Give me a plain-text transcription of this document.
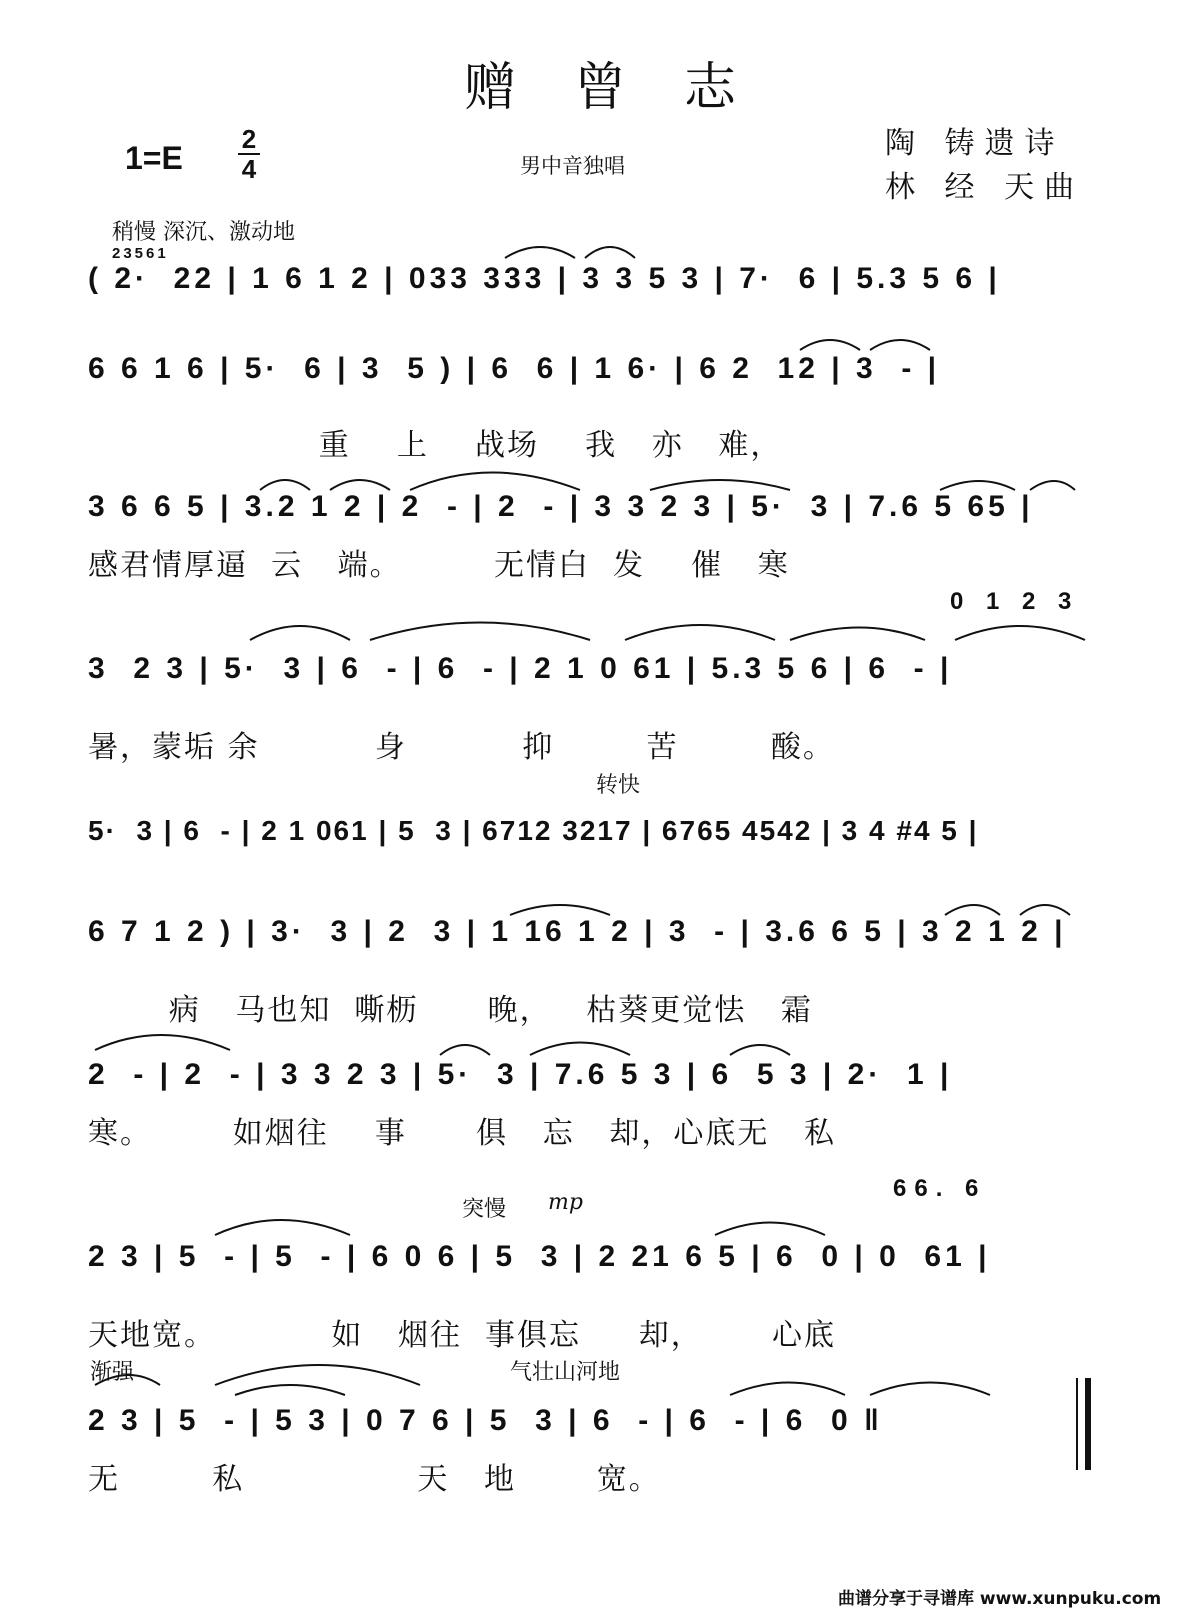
赠曾志
1=E
2
4	男中音独唱
陶 铸遗诗
林 经 天曲
稍慢 深沉、激动地
23561
( 2·  22 | 1 6 1 2 | 033 333 | 3 3 5 3 | 7·  6 | 5.3 5 6 |
6 6 1 6 | 5·  6 | 3  5 ) | 6  6 | 1 6· | 6 2  12 | 3  - |
重    上    战场    我   亦   难，
3 6 6 5 | 3.2 1 2 | 2  - | 2  - | 3 3 2 3 | 5·  3 | 7.6 5 65 |
感君情厚逼  云   端。        无情白  发    催   寒
0 1 2 3
3  2 3 | 5·  3 | 6  - | 6  - | 2 1 0 61 | 5.3 5 6 | 6  - |
暑，蒙垢 余          身          抑        苦        酸。
转快
5·  3 | 6  - | 2 1 061 | 5  3 | 6712 3217 | 6765 4542 | 3 4 #4 5 |
6 7 1 2 ) | 3·  3 | 2  3 | 1 16 1 2 | 3  - | 3.6 6 5 | 3 2 1 2 |
病   马也知  嘶枥      晚，   枯葵更觉怯   霜
2  - | 2  - | 3 3 2 3 | 5·  3 | 7.6 5 3 | 6  5 3 | 2·  1 |
寒。       如烟往    事      俱   忘   却，心底无   私
突慢 mp
66. 6
2 3 | 5  - | 5  - | 6 0 6 | 5  3 | 2 21 6 5 | 6  0 | 0  61 |
天地宽。          如   烟往  事俱忘     却，      心底
渐强	气壮山河地
2 3 | 5  - | 5 3 | 0 7 6 | 5  3 | 6  - | 6  - | 6  0 ‖
无        私               天   地       宽。
曲谱分享于寻谱库 www.xunpuku.com
